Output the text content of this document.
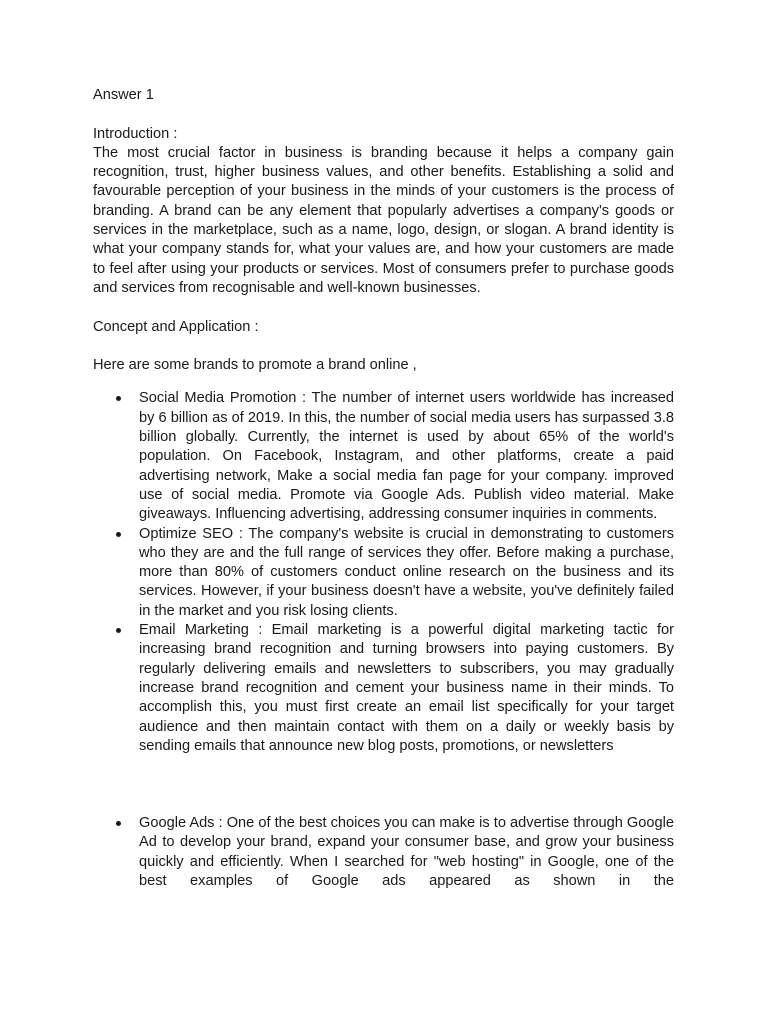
Answer 1

Introduction :

The most crucial factor in business is branding because it helps a company gain recognition, trust, higher business values, and other benefits. Establishing a solid and favourable perception of your business in the minds of your customers is the process of branding. A brand can be any element that popularly advertises a company's goods or services in the marketplace, such as a name, logo, design, or slogan. A brand identity is what your company stands for, what your values are, and how your customers are made to feel after using your products or services. Most of consumers prefer to purchase goods and services from recognisable and well-known businesses.

Concept and Application :

Here are some brands to promote a brand online ,

Social Media Promotion : The number of internet users worldwide has increased by 6 billion as of 2019. In this, the number of social media users has surpassed 3.8 billion globally. Currently, the internet is used by about 65% of the world's population. On Facebook, Instagram, and other platforms, create a paid advertising network, Make a social media fan page for your company. improved use of social media. Promote via Google Ads. Publish video material. Make giveaways. Influencing advertising, addressing consumer inquiries in comments.
Optimize SEO : The company's website is crucial in demonstrating to customers who they are and the full range of services they offer. Before making a purchase, more than 80% of customers conduct online research on the business and its services. However, if your business doesn't have a website, you've definitely failed in the market and you risk losing clients.
Email Marketing : Email marketing is a powerful digital marketing tactic for increasing brand recognition and turning browsers into paying customers. By regularly delivering emails and newsletters to subscribers, you may gradually increase brand recognition and cement your business name in their minds. To accomplish this, you must first create an email list specifically for your target audience and then maintain contact with them on a daily or weekly basis by sending emails that announce new blog posts, promotions, or newsletters
Google Ads : One of the best choices you can make is to advertise through Google Ad to develop your brand, expand your consumer base, and grow your business quickly and efficiently. When I searched for "web hosting" in Google, one of the best examples of Google ads appeared as shown in the
